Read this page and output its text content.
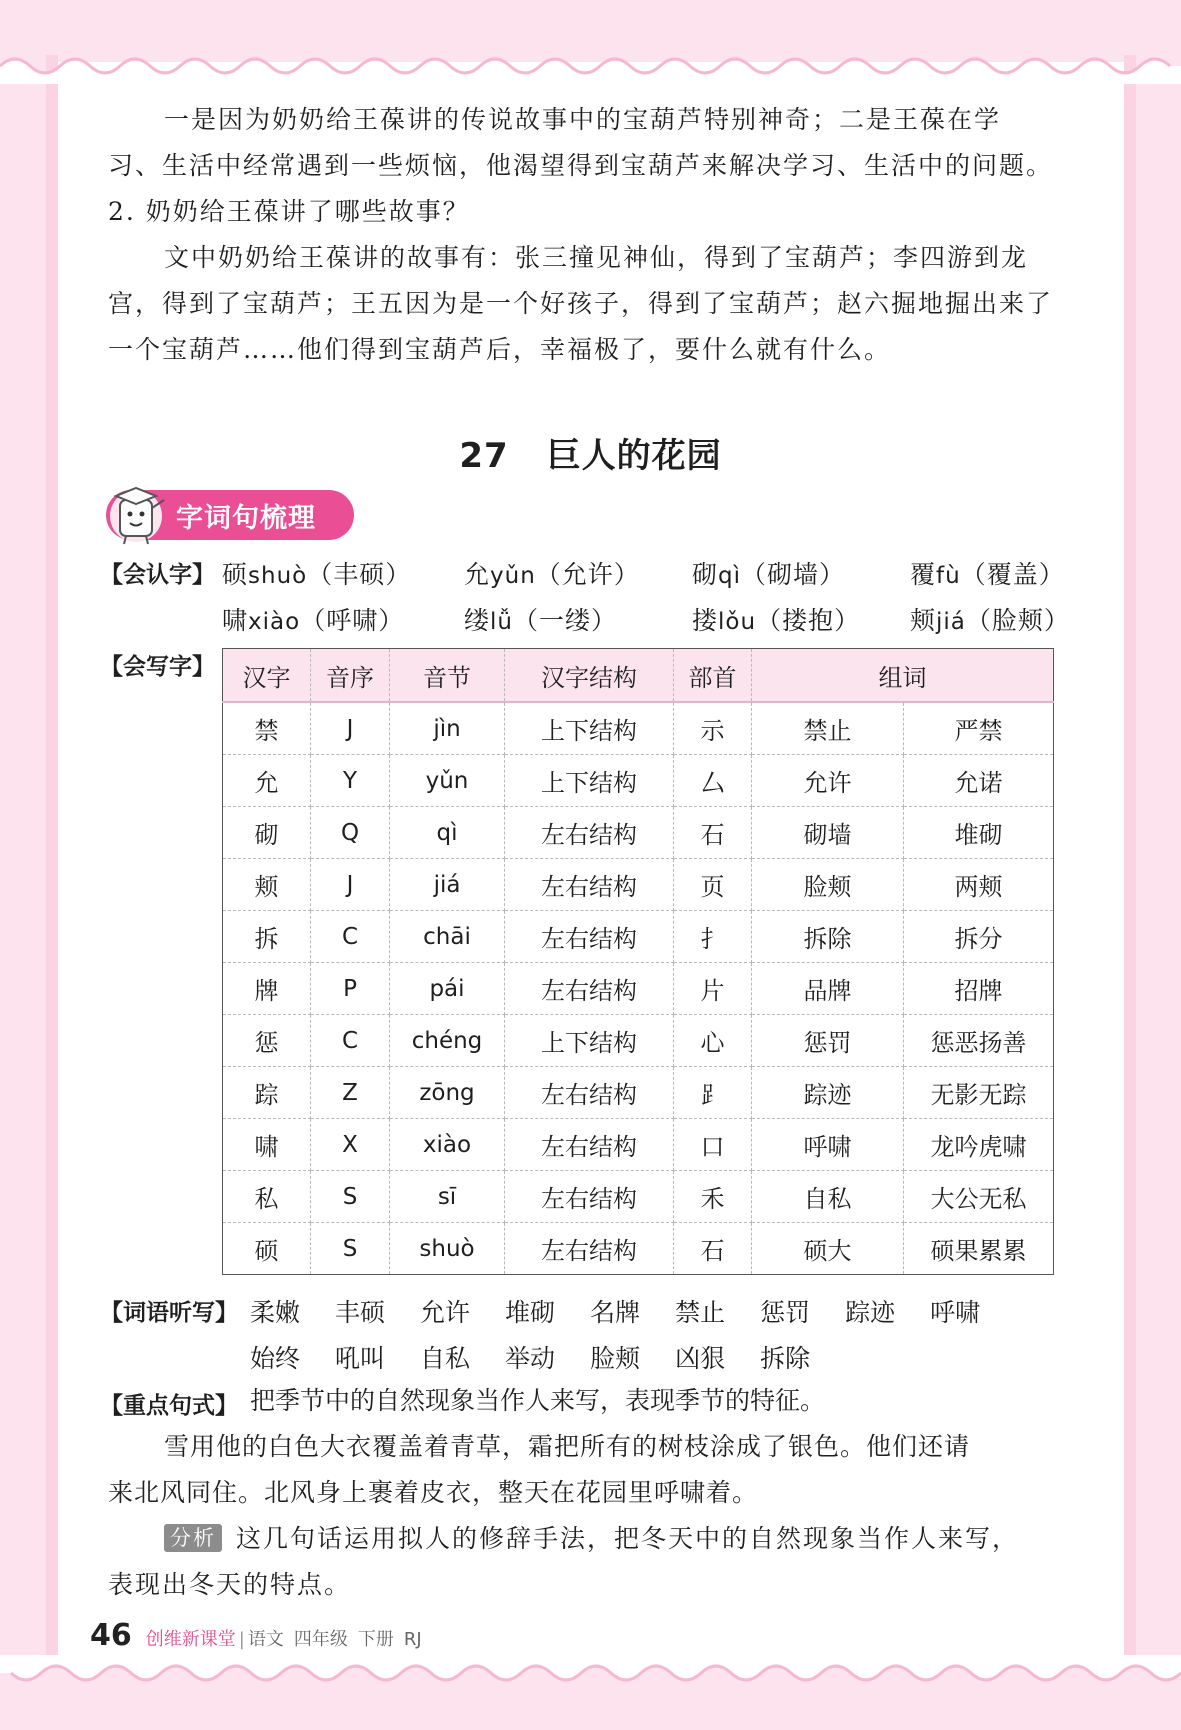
一是因为奶奶给王葆讲的传说故事中的宝葫芦特别神奇；二是王葆在学
习、生活中经常遇到一些烦恼，他渴望得到宝葫芦来解决学习、生活中的问题。
2. 奶奶给王葆讲了哪些故事？
文中奶奶给王葆讲的故事有：张三撞见神仙，得到了宝葫芦；李四游到龙
宫，得到了宝葫芦；王五因为是一个好孩子，得到了宝葫芦；赵六掘地掘出来了
一个宝葫芦……他们得到宝葫芦后，幸福极了，要什么就有什么。
27 巨人的花园
字词句梳理
【会认字】 硕shuò（丰硕） 允yǔn（允许） 砌qì（砌墙）	覆fù（覆盖）
啸xiào（呼啸） 缕lǚ（一缕）	搂lǒu（搂抱） 颊jiá（脸颊）
【会写字】 汉字	音序	音节	汉字结构	部首	组词	
禁	J	jìn	上下结构	示	禁止	严禁
允	Y	yǔn	上下结构	厶	允许	允诺
砌	Q	qì	左右结构	石	砌墙	堆砌
颊	J	jiá	左右结构	页	脸颊	两颊
拆	C	chāi	左右结构	扌	拆除	拆分
牌	P	pái	左右结构	片	品牌	招牌
惩	C	chéng	上下结构	心	惩罚	惩恶扬善
踪	Z	zōng	左右结构	⻊	踪迹	无影无踪
啸	X	xiào	左右结构	口	呼啸	龙吟虎啸
私	S	sī	左右结构	禾	自私	大公无私
硕	S	shuò	左右结构	石	硕大	硕果累累
【词语听写】 柔嫩 丰硕 允许 堆砌 名牌 禁止 惩罚 踪迹 呼啸
始终 吼叫 自私 举动 脸颊 凶狠 拆除
【重点句式】 把季节中的自然现象当作人来写，表现季节的特征。
雪用他的白色大衣覆盖着青草，霜把所有的树枝涂成了银色。他们还请
来北风同住。北风身上裹着皮衣，整天在花园里呼啸着。
分析 这几句话运用拟人的修辞手法，把冬天中的自然现象当作人来写，
表现出冬天的特点。
46 创维新课堂 | 语文 四年级 下册 RJ
